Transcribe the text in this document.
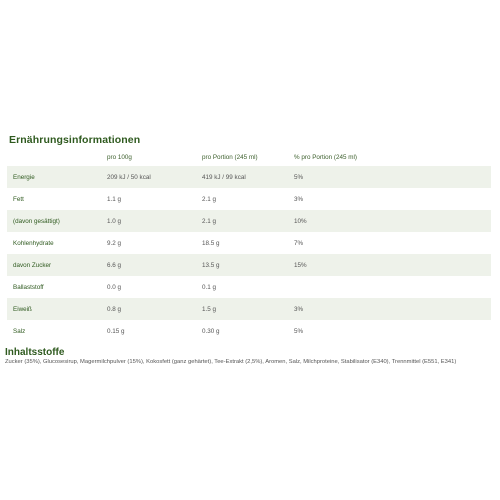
Ernährungsinformationen
	pro 100g	pro Portion (245 ml)	% pro Portion (245 ml)
Energie	209 kJ / 50 kcal	419 kJ / 99 kcal	5%
Fett	1.1 g	2.1 g	3%
(davon gesättigt)	1.0 g	2.1 g	10%
Kohlenhydrate	9.2 g	18.5 g	7%
davon Zucker	6.6 g	13.5 g	15%
Ballaststoff	0.0 g	0.1 g	
Eiweiß	0.8 g	1.5 g	3%
Salz	0.15 g	0.30 g	5%
Inhaltsstoffe
Zucker (35%), Glucosesirup, Magermilchpulver (15%), Kokosfett (ganz gehärtet), Tee-Extrakt (2,5%), Aromen, Salz, Milchproteine, Stabilisator (E340), Trennmittel (E551, E341)
